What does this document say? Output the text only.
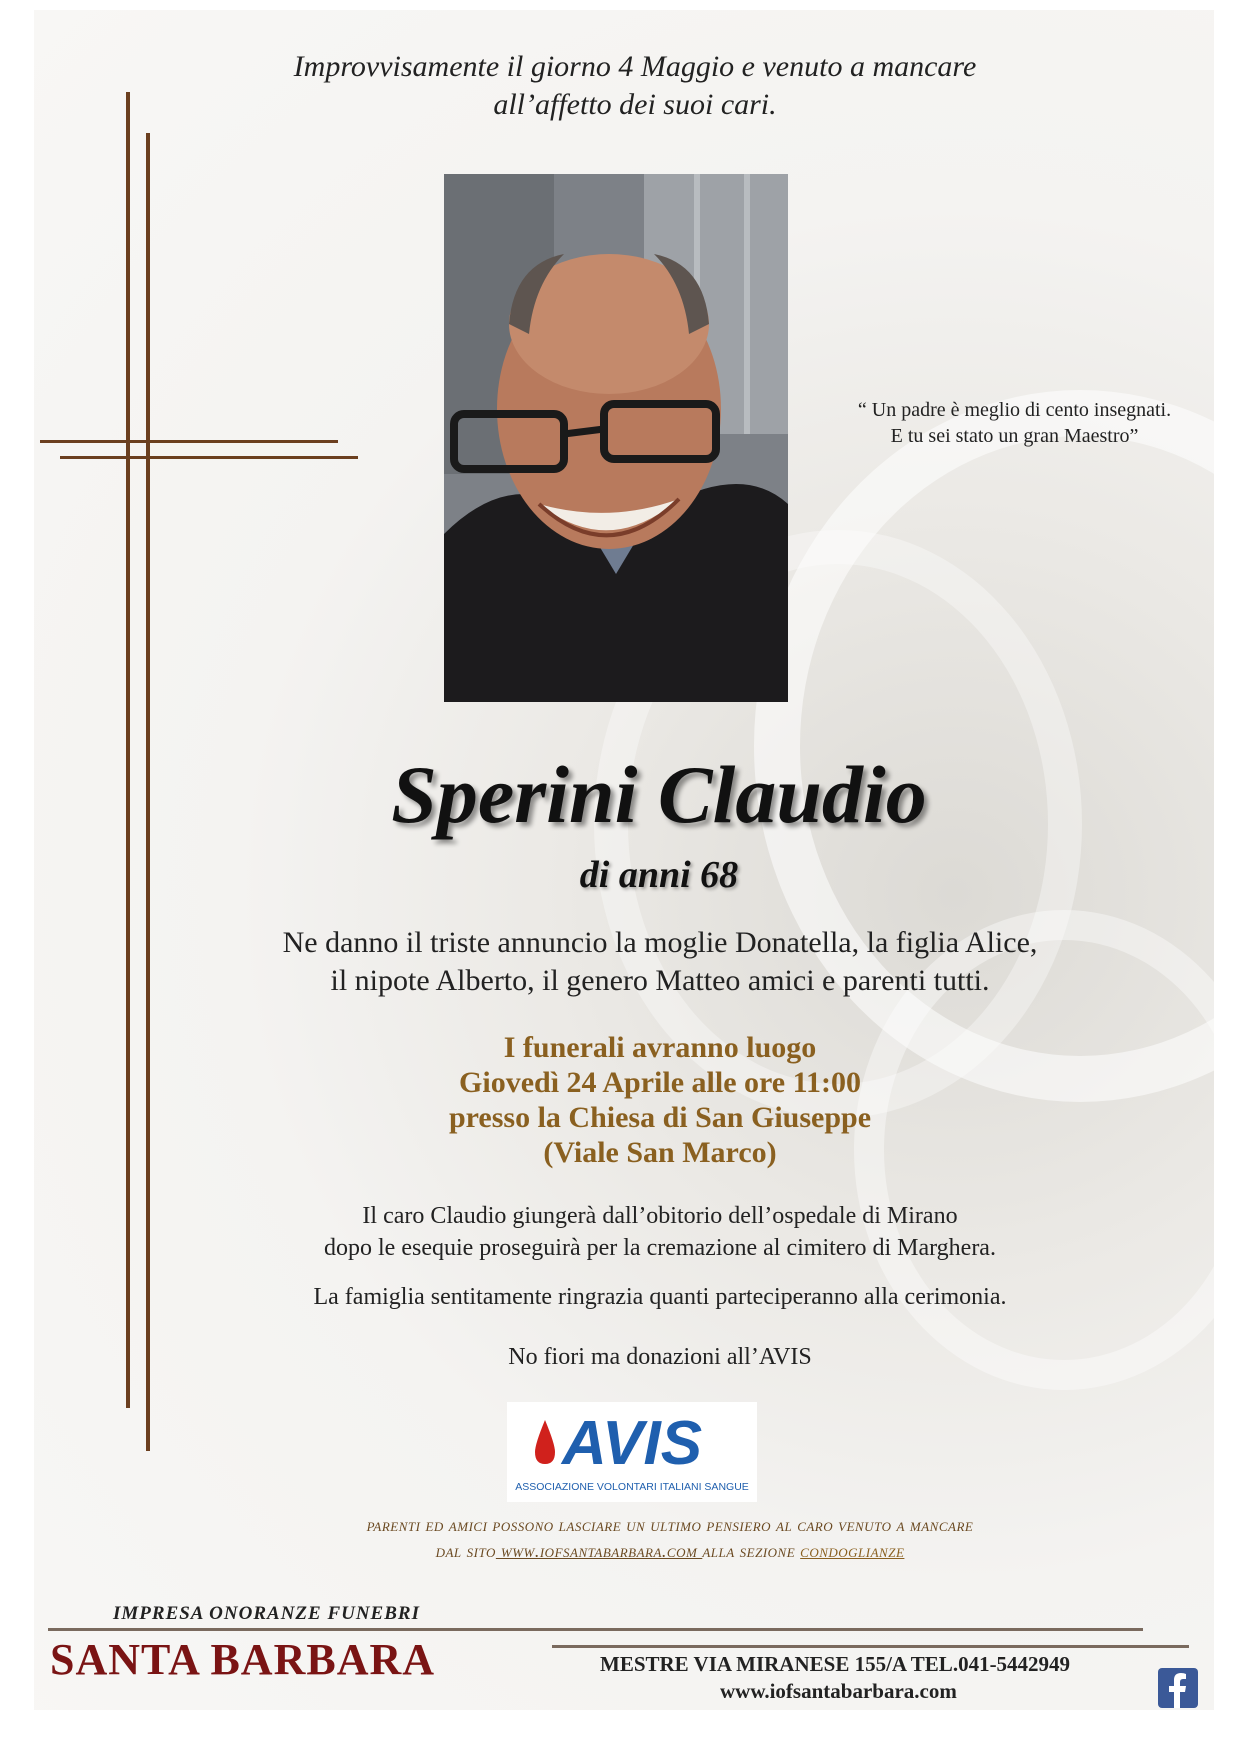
Improvvisamente il giorno 4 Maggio e venuto a mancare
all’affetto dei suoi cari.
“ Un padre è meglio di cento insegnati.
E tu sei stato un gran Maestro”
Sperini Claudio
di anni 68
Ne danno il triste annuncio la moglie Donatella, la figlia Alice,
il nipote Alberto, il genero Matteo amici e parenti tutti.
I funerali avranno luogo
Giovedì 24 Aprile alle ore 11:00
presso la Chiesa di San Giuseppe
(Viale San Marco)
Il caro Claudio giungerà dall’obitorio dell’ospedale di Mirano
dopo le esequie proseguirà per la cremazione al cimitero di Marghera.
La famiglia sentitamente ringrazia quanti parteciperanno alla cerimonia.
No fiori ma donazioni all’AVIS
AVIS
ASSOCIAZIONE VOLONTARI ITALIANI SANGUE
parenti ed amici possono lasciare un ultimo pensiero al caro venuto a mancare
dal sito www.iofsantabarbara.com alla sezione condoglianze
IMPRESA ONORANZE FUNEBRI
SANTA BARBARA	MESTRE VIA MIRANESE 155/A TEL.041-5442949
www.iofsantabarbara.com
